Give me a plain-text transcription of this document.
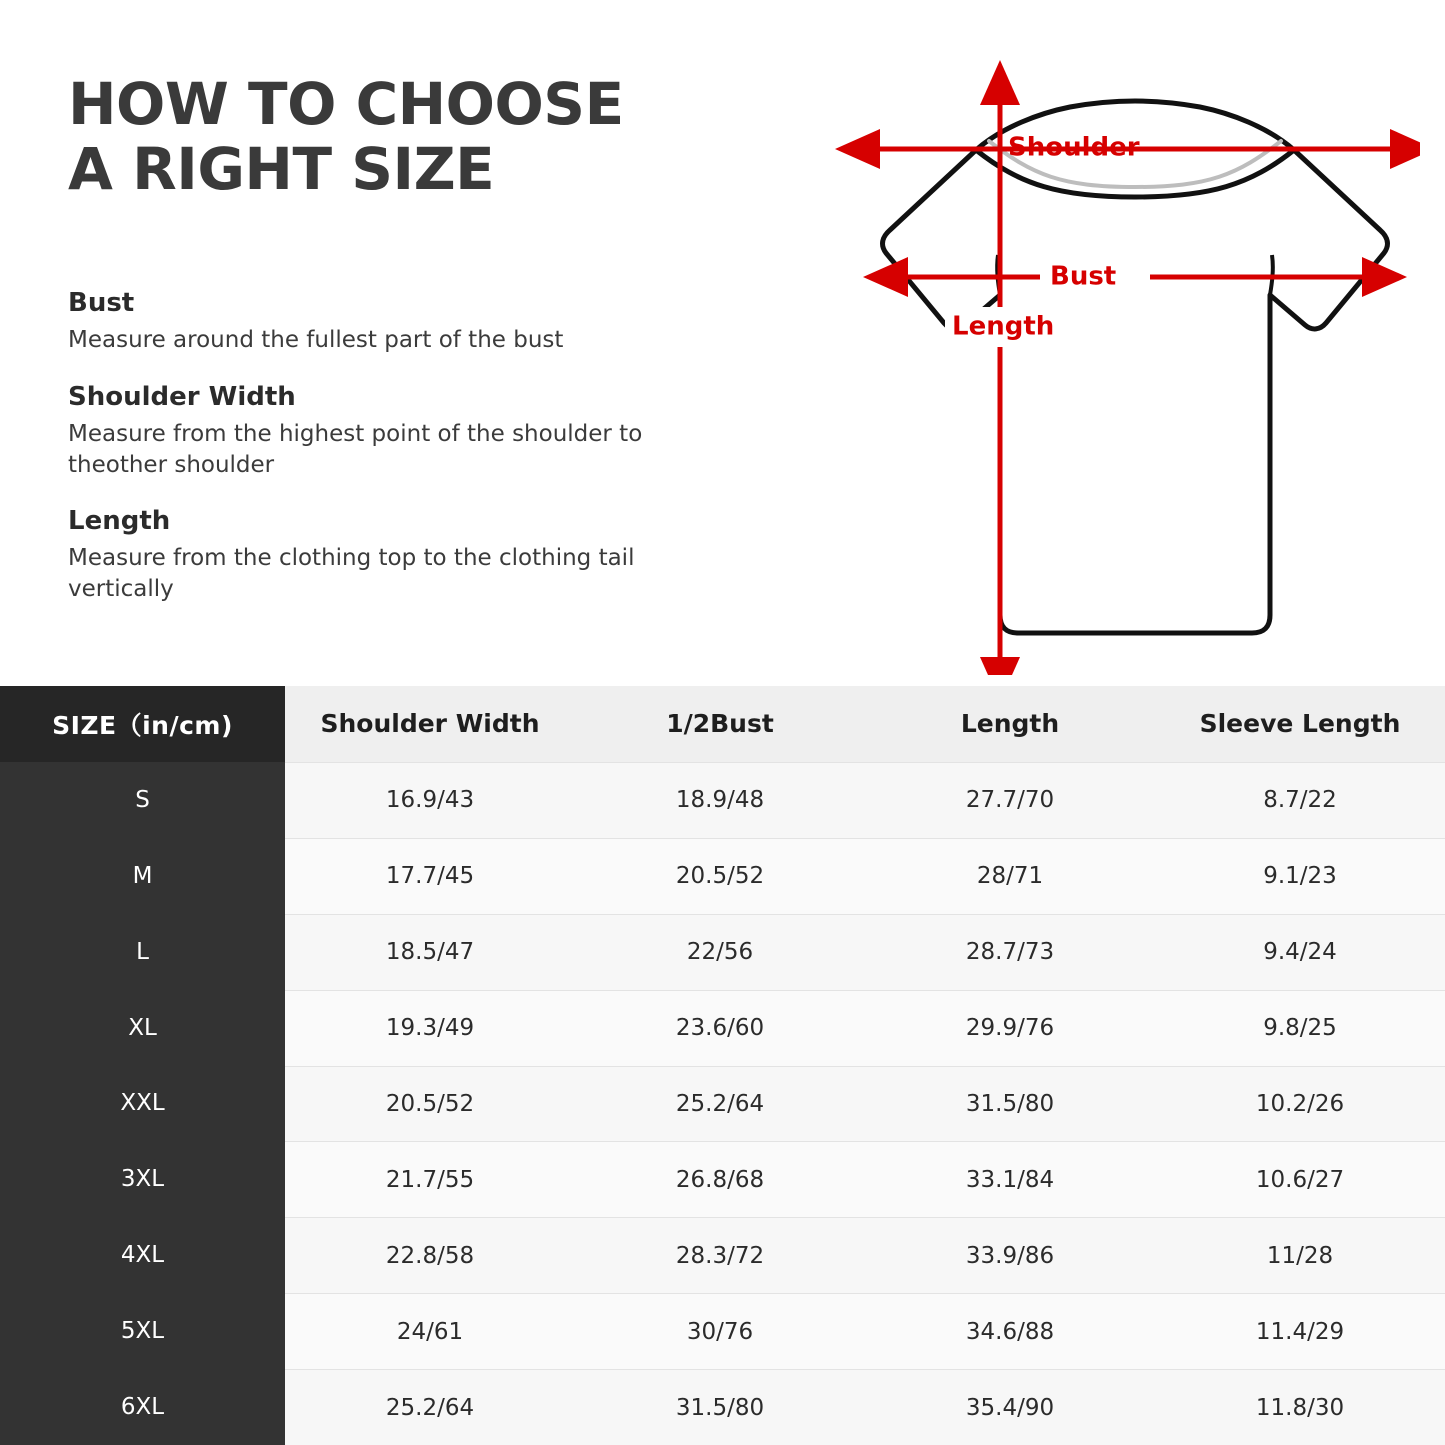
HOW TO CHOOSE
A RIGHT SIZE

Bust

Measure around the fullest part of the bust

Shoulder Width

Measure from the highest point of the shoulder to theother shoulder

Length

Measure from the clothing top to the clothing tail vertically

Shoulder
Bust
Length
SIZE（in/cm)	Shoulder Width	1/2Bust	Length	Sleeve Length
S	16.9/43	18.9/48	27.7/70	8.7/22
M	17.7/45	20.5/52	28/71	9.1/23
L	18.5/47	22/56	28.7/73	9.4/24
XL	19.3/49	23.6/60	29.9/76	9.8/25
XXL	20.5/52	25.2/64	31.5/80	10.2/26
3XL	21.7/55	26.8/68	33.1/84	10.6/27
4XL	22.8/58	28.3/72	33.9/86	11/28
5XL	24/61	30/76	34.6/88	11.4/29
6XL	25.2/64	31.5/80	35.4/90	11.8/30
